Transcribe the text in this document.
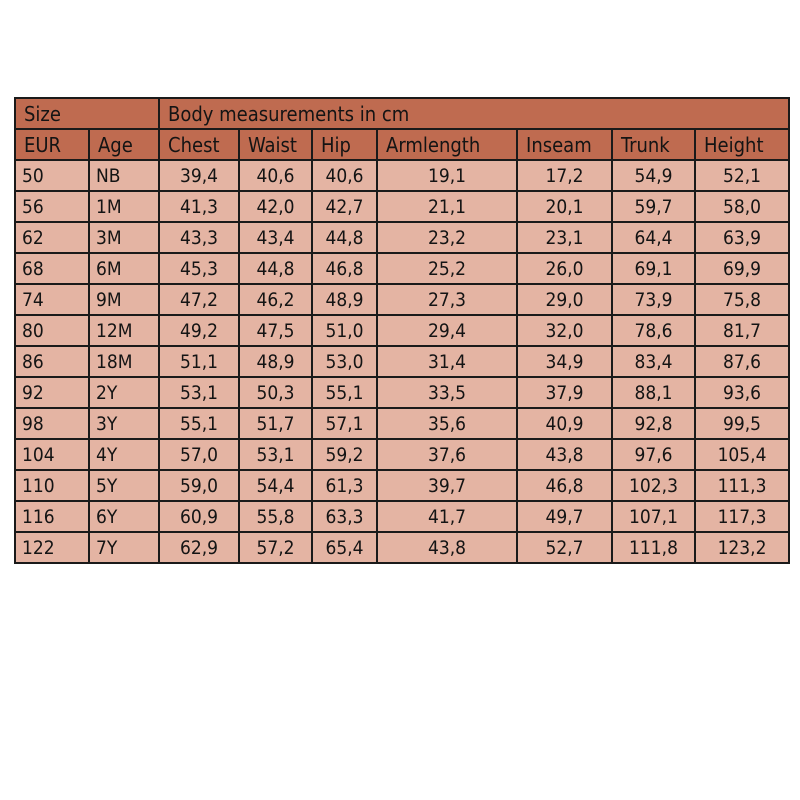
Size		Body measurements in cm						
EUR	Age	Chest	Waist	Hip	Armlength	Inseam	Trunk	Height
50	NB	39,4	40,6	40,6	19,1	17,2	54,9	52,1
56	1M	41,3	42,0	42,7	21,1	20,1	59,7	58,0
62	3M	43,3	43,4	44,8	23,2	23,1	64,4	63,9
68	6M	45,3	44,8	46,8	25,2	26,0	69,1	69,9
74	9M	47,2	46,2	48,9	27,3	29,0	73,9	75,8
80	12M	49,2	47,5	51,0	29,4	32,0	78,6	81,7
86	18M	51,1	48,9	53,0	31,4	34,9	83,4	87,6
92	2Y	53,1	50,3	55,1	33,5	37,9	88,1	93,6
98	3Y	55,1	51,7	57,1	35,6	40,9	92,8	99,5
104	4Y	57,0	53,1	59,2	37,6	43,8	97,6	105,4
110	5Y	59,0	54,4	61,3	39,7	46,8	102,3	111,3
116	6Y	60,9	55,8	63,3	41,7	49,7	107,1	117,3
122	7Y	62,9	57,2	65,4	43,8	52,7	111,8	123,2
